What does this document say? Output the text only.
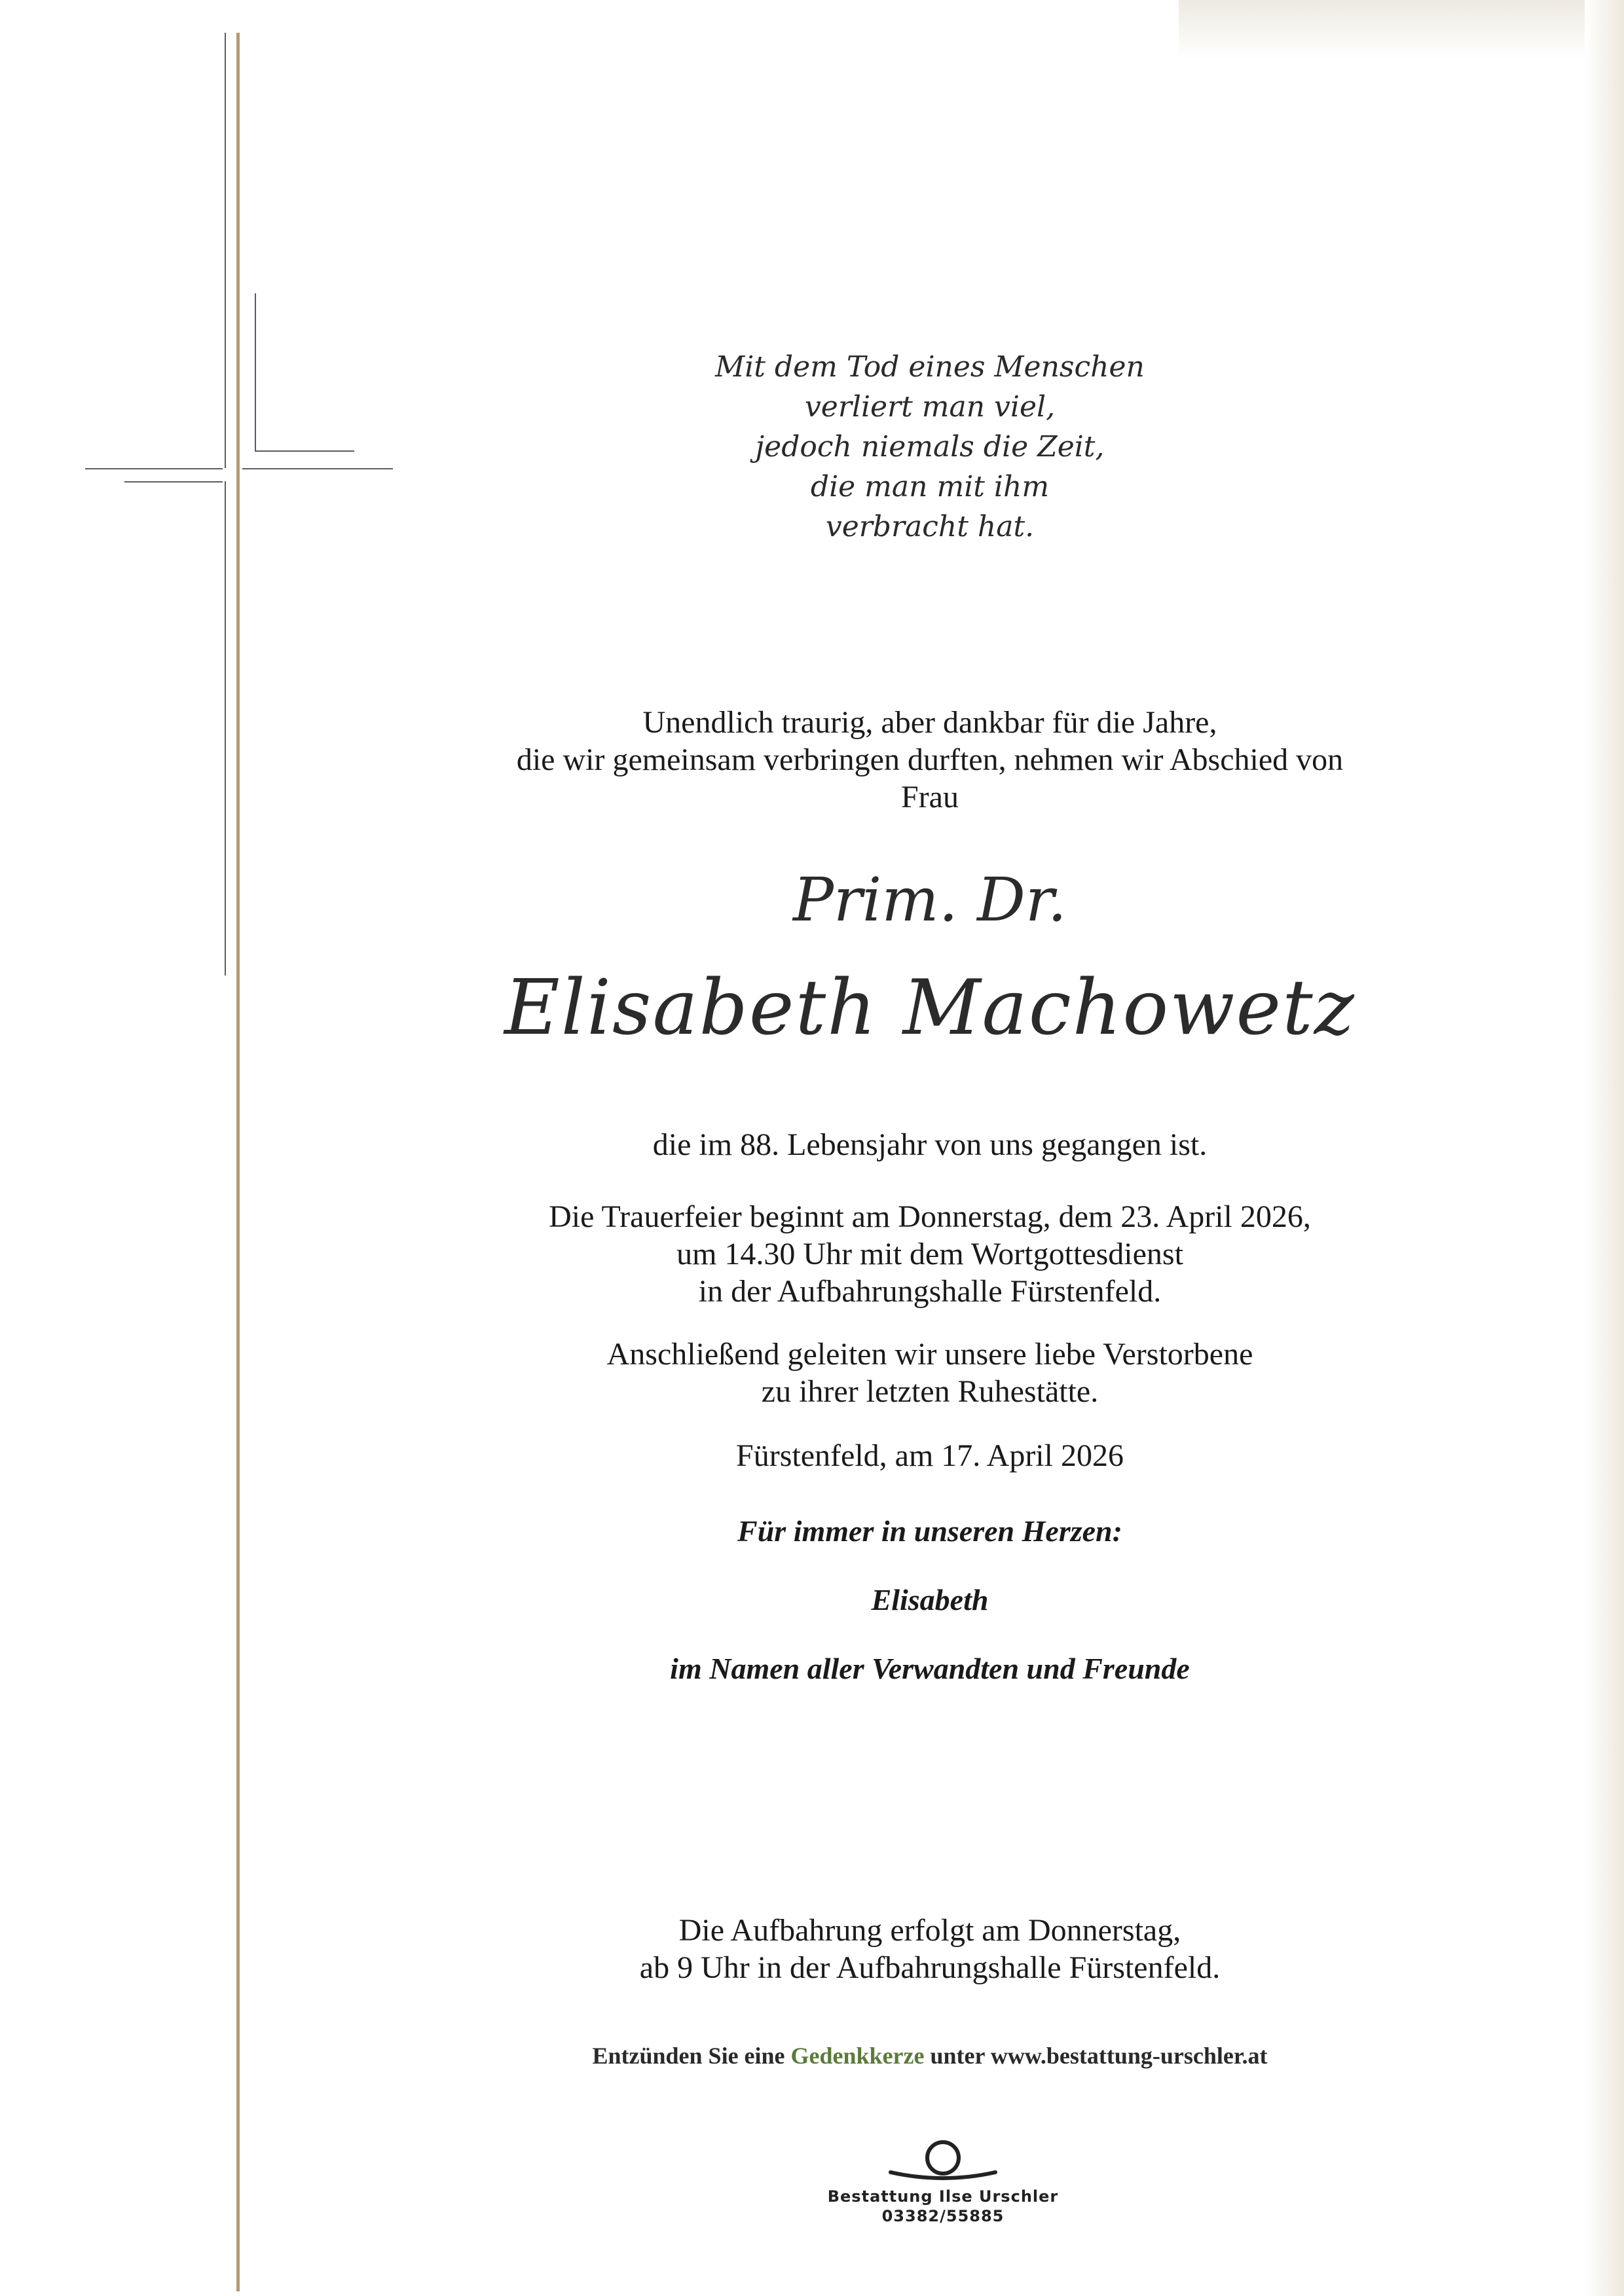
Mit dem Tod eines Menschen
verliert man viel,
jedoch niemals die Zeit,
die man mit ihm
verbracht hat.
Unendlich traurig, aber dankbar für die Jahre,
die wir gemeinsam verbringen durften, nehmen wir Abschied von
Frau
Prim. Dr.
Elisabeth Machowetz
die im 88. Lebensjahr von uns gegangen ist.
Die Trauerfeier beginnt am Donnerstag, dem 23. April 2026,
um 14.30 Uhr mit dem Wortgottesdienst
in der Aufbahrungshalle Fürstenfeld.
Anschließend geleiten wir unsere liebe Verstorbene
zu ihrer letzten Ruhestätte.
Fürstenfeld, am 17. April 2026
Für immer in unseren Herzen:
Elisabeth
im Namen aller Verwandten und Freunde
Die Aufbahrung erfolgt am Donnerstag,
ab 9 Uhr in der Aufbahrungshalle Fürstenfeld.
Entzünden Sie eine Gedenkkerze unter www.bestattung-urschler.at
Bestattung Ilse Urschler
03382/55885
